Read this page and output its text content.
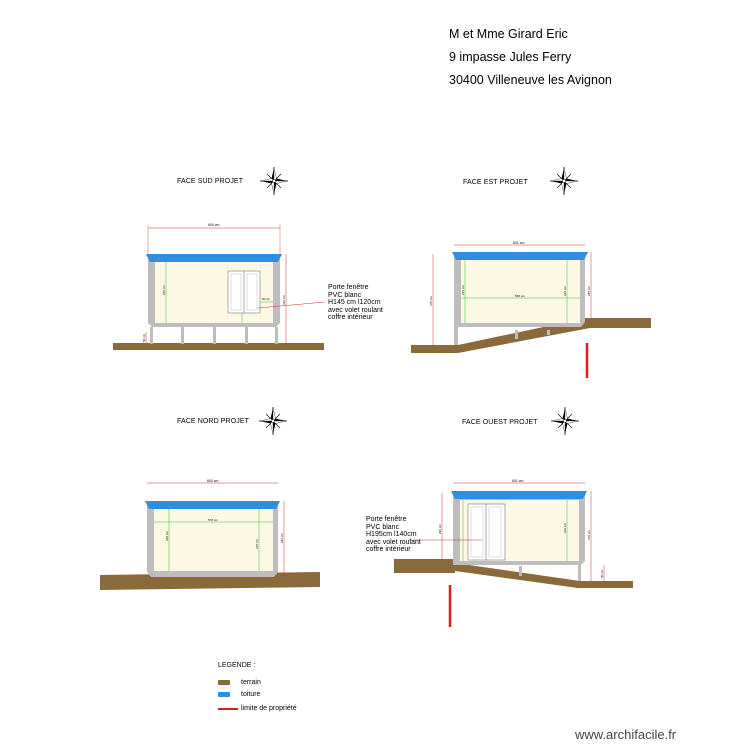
M et Mme Girard Eric
9 impasse Jules Ferry
30400 Villeneuve les Avignon
FACE SUD PROJET	FACE EST PROJET
FACE NORD PROJET	FACE OUEST PROJET
600 cm
260 cm
310 cm
50 cm
60 cm
601 cm
595 cm
236 cm	236 cm
378 cm
258 cm
600 cm
578 cm
260 cm
215 cm
281 cm
601 cm
236 cm
290 cm
378 cm
60 cm
Porte fenêtre
PVC blanc
H145 cm l120cm
avec volet roulant
coffre intérieur
Porte fenêtre
PVC blanc
H195cm l140cm
avec volet roulant
coffre intérieur
LEGENDE :
terrain
toiture
limite de propriété
www.archifacile.fr
